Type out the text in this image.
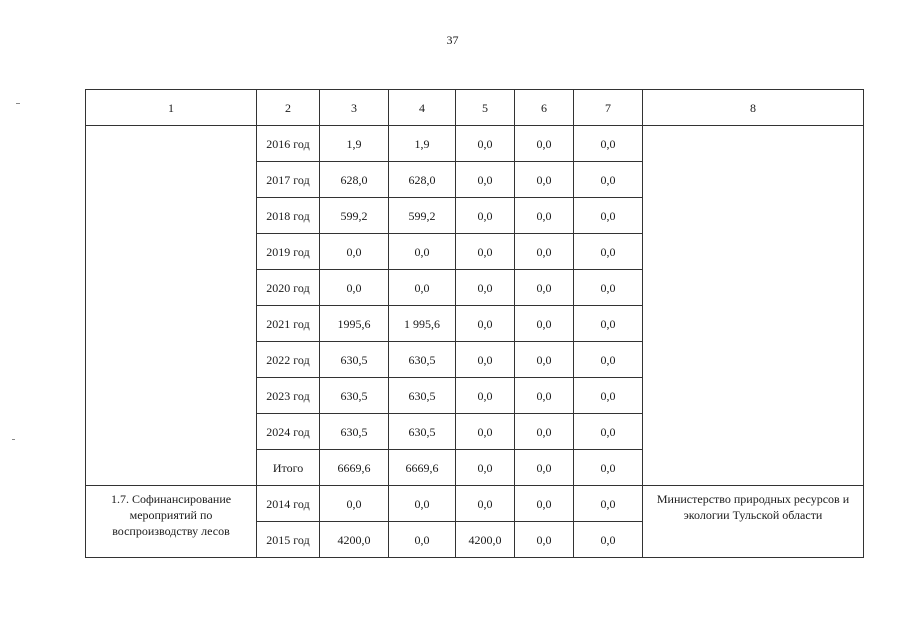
37
1	2	3	4	5	6	7	8
	2016 год	1,9	1,9	0,0	0,0	0,0	
	2017 год	628,0	628,0	0,0	0,0	0,0	
	2018 год	599,2	599,2	0,0	0,0	0,0	
	2019 год	0,0	0,0	0,0	0,0	0,0	
	2020 год	0,0	0,0	0,0	0,0	0,0	
	2021 год	1995,6	1 995,6	0,0	0,0	0,0	
	2022 год	630,5	630,5	0,0	0,0	0,0	
	2023 год	630,5	630,5	0,0	0,0	0,0	
	2024 год	630,5	630,5	0,0	0,0	0,0	
	Итого	6669,6	6669,6	0,0	0,0	0,0	
1.7. Софинансирование мероприятий по воспроизводству лесов	2014 год	0,0	0,0	0,0	0,0	0,0	Министерство природных ресурсов и экологии Тульской области
	2015 год	4200,0	0,0	4200,0	0,0	0,0	
